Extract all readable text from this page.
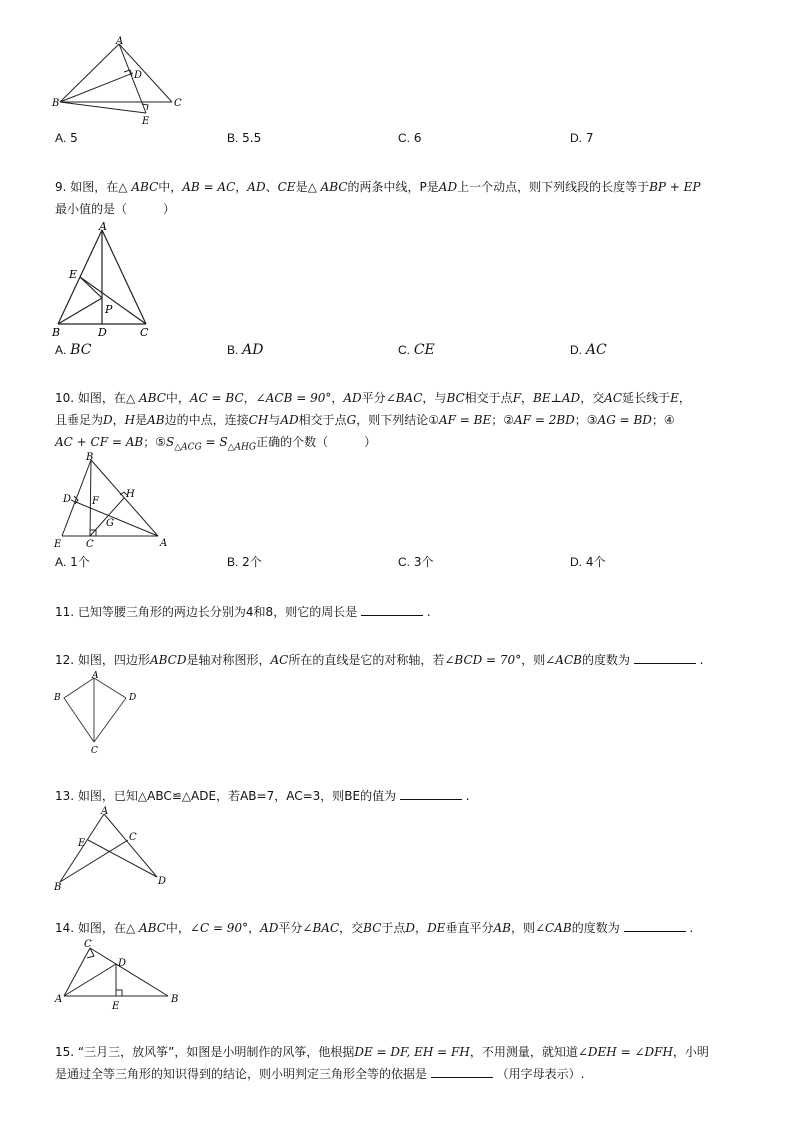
A
B	C
D
E
A. 5	B. 5.5	C. 6	D. 7
9. 如图，在△ ABC中，AB = AC，AD、CE是△ ABC的两条中线，P是AD上一个动点，则下列线段的长度等于BP + EP
最小值的是（　　　	）
A
B	C
D
E
P
A. BC	B. AD	C. CE	D. AC
10. 如图，在△ ABC中，AC = BC，∠ACB = 90°，AD平分∠BAC，与BC相交于点F，BE⊥AD，交AC延长线于E，
且垂足为D，H是AB边的中点，连接CH与AD相交于点G，则下列结论①AF = BE；②AF = 2BD；③AG = BD；④
AC + CF = AB；$⑤S_{\triangle ACG} = S_{\triangle AHG}$正确的个数（　　　）
B
A
C
E
D F
G
H
A. 1个	B. 2个	C. 3个	D. 4个
11. 已知等腰三角形的两边长分别为4和8，则它的周长是	.
12. 如图，四边形ABCD是轴对称图形，AC所在的直线是它的对称轴，若∠BCD = 70°，则∠ACB的度数为	.
A
B	D
C
13. 如图，已知△ABC≌△ADE，若AB=7，AC=3，则BE的值为	.
A
B
C
D
E
14. 如图，在△ ABC中，∠C = 90°，AD平分∠BAC，交BC于点D，DE垂直平分AB，则∠CAB的度数为	.
C
A	B
D
E
15. “三月三，放风筝”，如图是小明制作的风筝，他根据DE = DF, EH = FH，不用测量，就知道∠DEH = ∠DFH，小明
是通过全等三角形的知识得到的结论，则小明判定三角形全等的依据是	（用字母表示）.
